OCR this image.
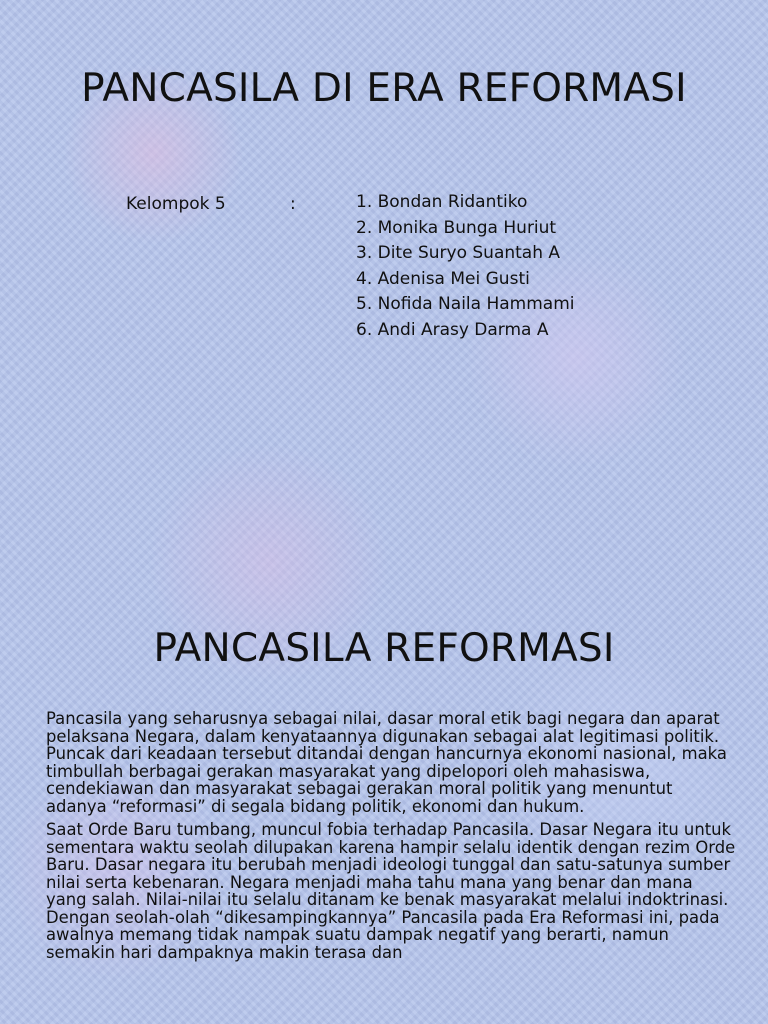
PANCASILA DI ERA REFORMASI
Kelompok 5	:	1. Bondan Ridantiko
2. Monika Bunga Huriut
3. Dite Suryo Suantah A
4. Adenisa Mei Gusti
5. Nofida Naila Hammami
6. Andi Arasy Darma A
PANCASILA REFORMASI

Pancasila yang seharusnya sebagai nilai, dasar moral etik bagi negara dan aparat pelaksana Negara, dalam kenyataannya digunakan sebagai alat legitimasi politik. Puncak dari keadaan tersebut ditandai dengan hancurnya ekonomi nasional, maka timbullah berbagai gerakan masyarakat yang dipelopori oleh mahasiswa, cendekiawan dan masyarakat sebagai gerakan moral politik yang menuntut adanya “reformasi” di segala bidang politik, ekonomi dan hukum.

Saat Orde Baru tumbang, muncul fobia terhadap Pancasila. Dasar Negara itu untuk sementara waktu seolah dilupakan karena hampir selalu identik dengan rezim Orde Baru. Dasar negara itu berubah menjadi ideologi tunggal dan satu-satunya sumber nilai serta kebenaran. Negara menjadi maha tahu mana yang benar dan mana yang salah. Nilai-nilai itu selalu ditanam ke benak masyarakat melalui indoktrinasi. Dengan seolah-olah “dikesampingkannya” Pancasila pada Era Reformasi ini, pada awalnya memang tidak nampak suatu dampak negatif yang berarti, namun semakin hari dampaknya makin terasa dan
